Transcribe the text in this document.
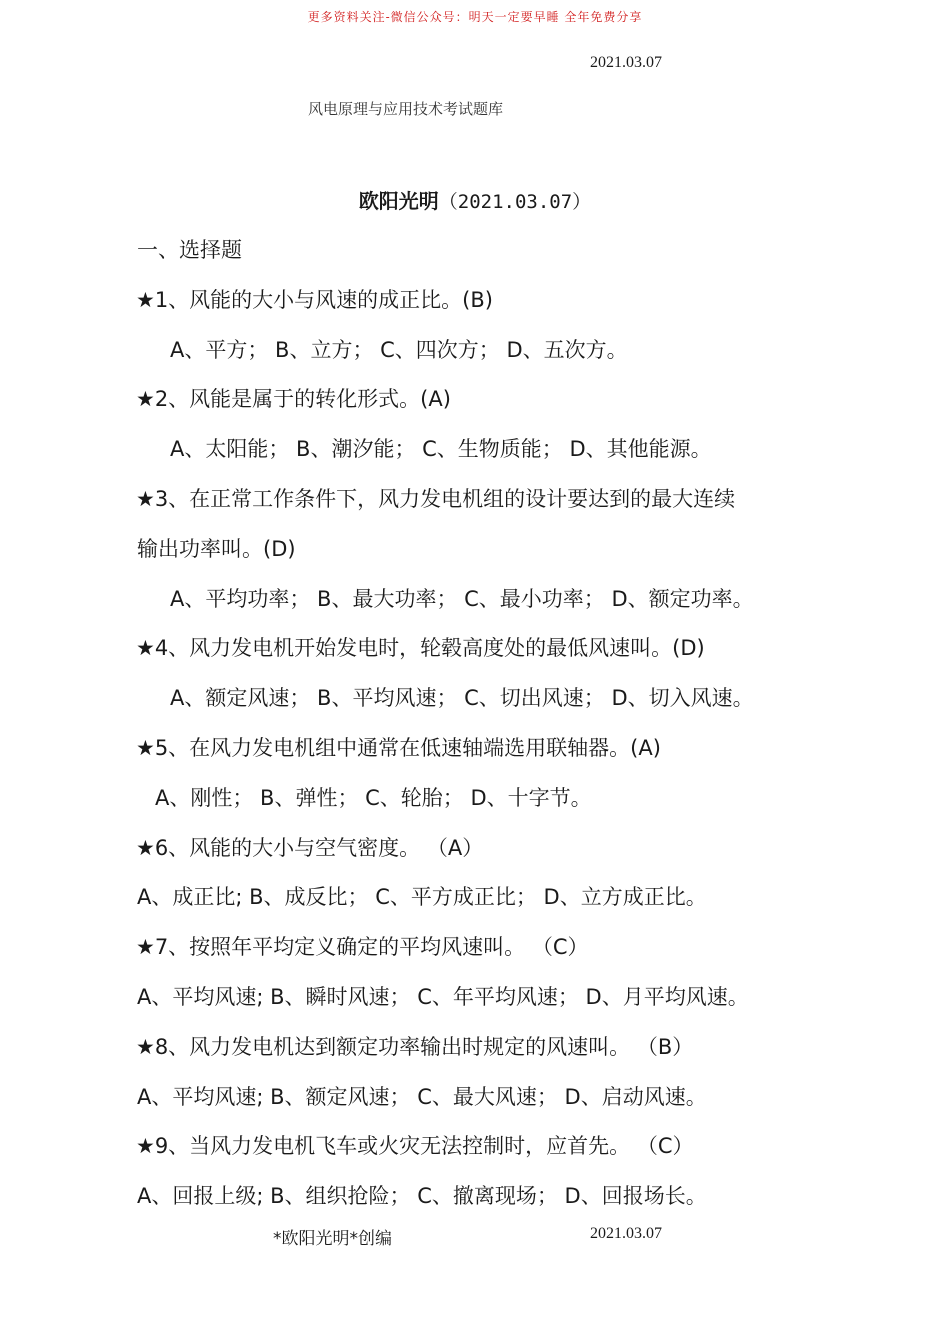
更多资料关注-微信公众号：明天一定要早睡 全年免费分享
2021.03.07
风电原理与应用技术考试题库
欧阳光明（2021.03.07）
一、选择题
★1、风能的大小与风速的成正比。(B)
A、平方； B、立方； C、四次方； D、五次方。
★2、风能是属于的转化形式。(A)
A、太阳能； B、潮汐能； C、生物质能； D、其他能源。
★3、在正常工作条件下，风力发电机组的设计要达到的最大连续
输出功率叫。(D)
A、平均功率； B、最大功率； C、最小功率； D、额定功率。
★4、风力发电机开始发电时，轮毂高度处的最低风速叫。(D)
A、额定风速； B、平均风速； C、切出风速； D、切入风速。
★5、在风力发电机组中通常在低速轴端选用联轴器。(A)
A、刚性； B、弹性； C、轮胎； D、十字节。
★6、风能的大小与空气密度。 （A）
A、成正比; B、成反比； C、平方成正比； D、立方成正比。
★7、按照年平均定义确定的平均风速叫。 （C）
A、平均风速; B、瞬时风速； C、年平均风速； D、月平均风速。
★8、风力发电机达到额定功率输出时规定的风速叫。 （B）
A、平均风速; B、额定风速； C、最大风速； D、启动风速。
★9、当风力发电机飞车或火灾无法控制时，应首先。 （C）
A、回报上级; B、组织抢险； C、撤离现场； D、回报场长。
*欧阳光明*创编	2021.03.07
